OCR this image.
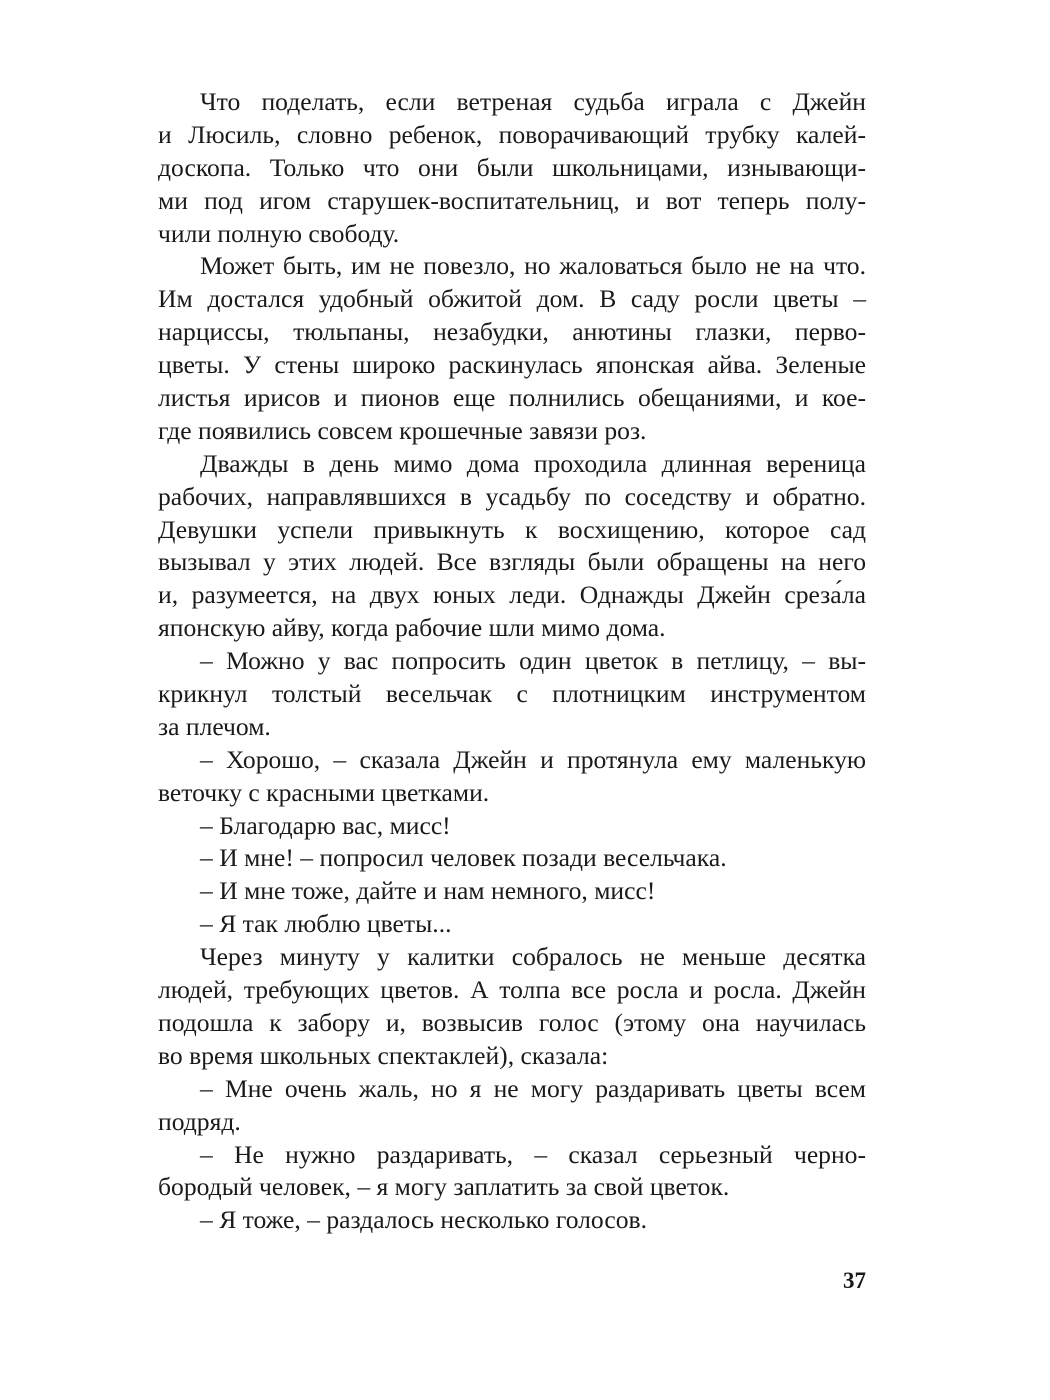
Что поделать, если ветреная судьба играла с Джейн
и Люсиль, словно ребенок, поворачивающий трубку калей-
доскопа. Только что они были школьницами, изнывающи-
ми под игом старушек-воспитательниц, и вот теперь полу-
чили полную свободу.
Может быть, им не повезло, но жаловаться было не на что.
Им достался удобный обжитой дом. В саду росли цветы –
нарциссы, тюльпаны, незабудки, анютины глазки, перво-
цветы. У стены широко раскинулась японская айва. Зеленые
листья ирисов и пионов еще полнились обещаниями, и кое-
где появились совсем крошечные завязи роз.
Дважды в день мимо дома проходила длинная вереница
рабочих, направлявшихся в усадьбу по соседству и обратно.
Девушки успели привыкнуть к восхищению, которое сад
вызывал у этих людей. Все взгляды были обращены на него
и, разумеется, на двух юных леди. Однажды Джейн среза́ла
японскую айву, когда рабочие шли мимо дома.
– Можно у вас попросить один цветок в петлицу, – вы-
крикнул толстый весельчак с плотницким инструментом
за плечом.
– Хорошо, – сказала Джейн и протянула ему маленькую
веточку с красными цветками.
– Благодарю вас, мисс!
– И мне! – попросил человек позади весельчака.
– И мне тоже, дайте и нам немного, мисс!
– Я так люблю цветы...
Через минуту у калитки собралось не меньше десятка
людей, требующих цветов. А толпа все росла и росла. Джейн
подошла к забору и, возвысив голос (этому она научилась
во время школьных спектаклей), сказала:
– Мне очень жаль, но я не могу раздаривать цветы всем
подряд.
– Не нужно раздаривать, – сказал серьезный черно-
бородый человек, – я могу заплатить за свой цветок.
– Я тоже, – раздалось несколько голосов.
37
